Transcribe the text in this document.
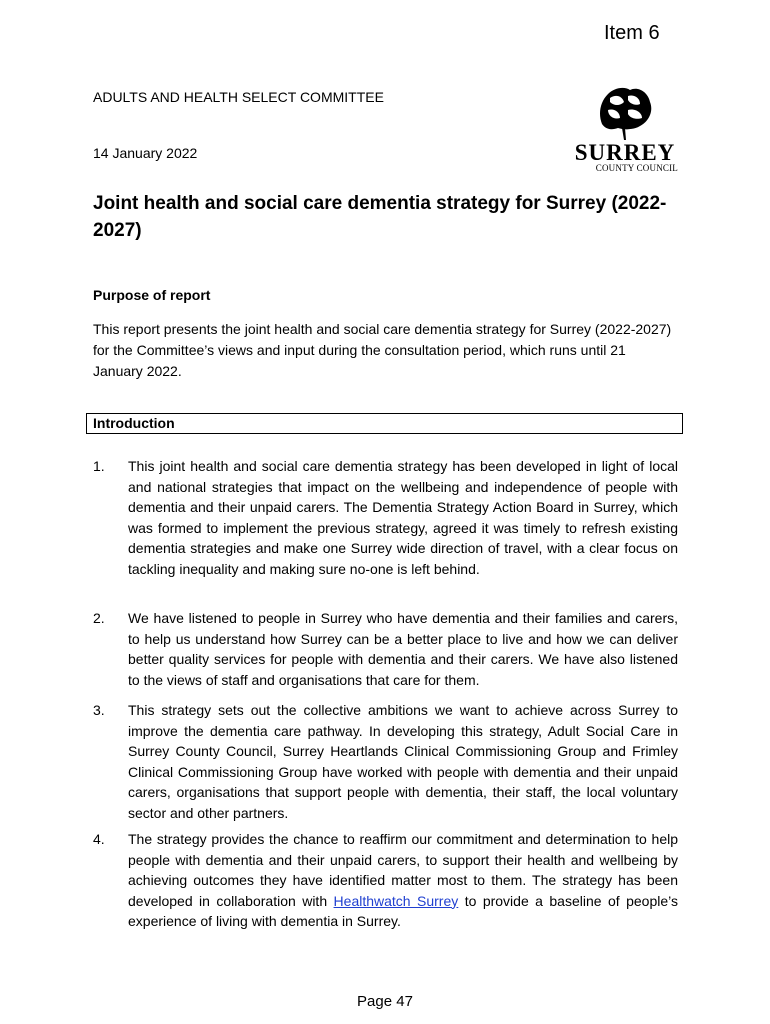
Item 6
ADULTS AND HEALTH SELECT COMMITTEE
14 January 2022	SURREY
COUNTY COUNCIL
Joint health and social care dementia strategy for Surrey (2022-2027)
Purpose of report
This report presents the joint health and social care dementia strategy for Surrey (2022-2027) for the Committee’s views and input during the consultation period, which runs until 21 January 2022.
Introduction
1. This joint health and social care dementia strategy has been developed in light of local and national strategies that impact on the wellbeing and independence of people with dementia and their unpaid carers. The Dementia Strategy Action Board in Surrey, which was formed to implement the previous strategy, agreed it was timely to refresh existing dementia strategies and make one Surrey wide direction of travel, with a clear focus on tackling inequality and making sure no-one is left behind.
2. We have listened to people in Surrey who have dementia and their families and carers, to help us understand how Surrey can be a better place to live and how we can deliver better quality services for people with dementia and their carers. We have also listened to the views of staff and organisations that care for them.
3. This strategy sets out the collective ambitions we want to achieve across Surrey to improve the dementia care pathway. In developing this strategy, Adult Social Care in Surrey County Council, Surrey Heartlands Clinical Commissioning Group and Frimley Clinical Commissioning Group have worked with people with dementia and their unpaid carers, organisations that support people with dementia, their staff, the local voluntary sector and other partners.
4. The strategy provides the chance to reaffirm our commitment and determination to help people with dementia and their unpaid carers, to support their health and wellbeing by achieving outcomes they have identified matter most to them. The strategy has been developed in collaboration with Healthwatch Surrey to provide a baseline of people’s experience of living with dementia in Surrey.
Page 47
